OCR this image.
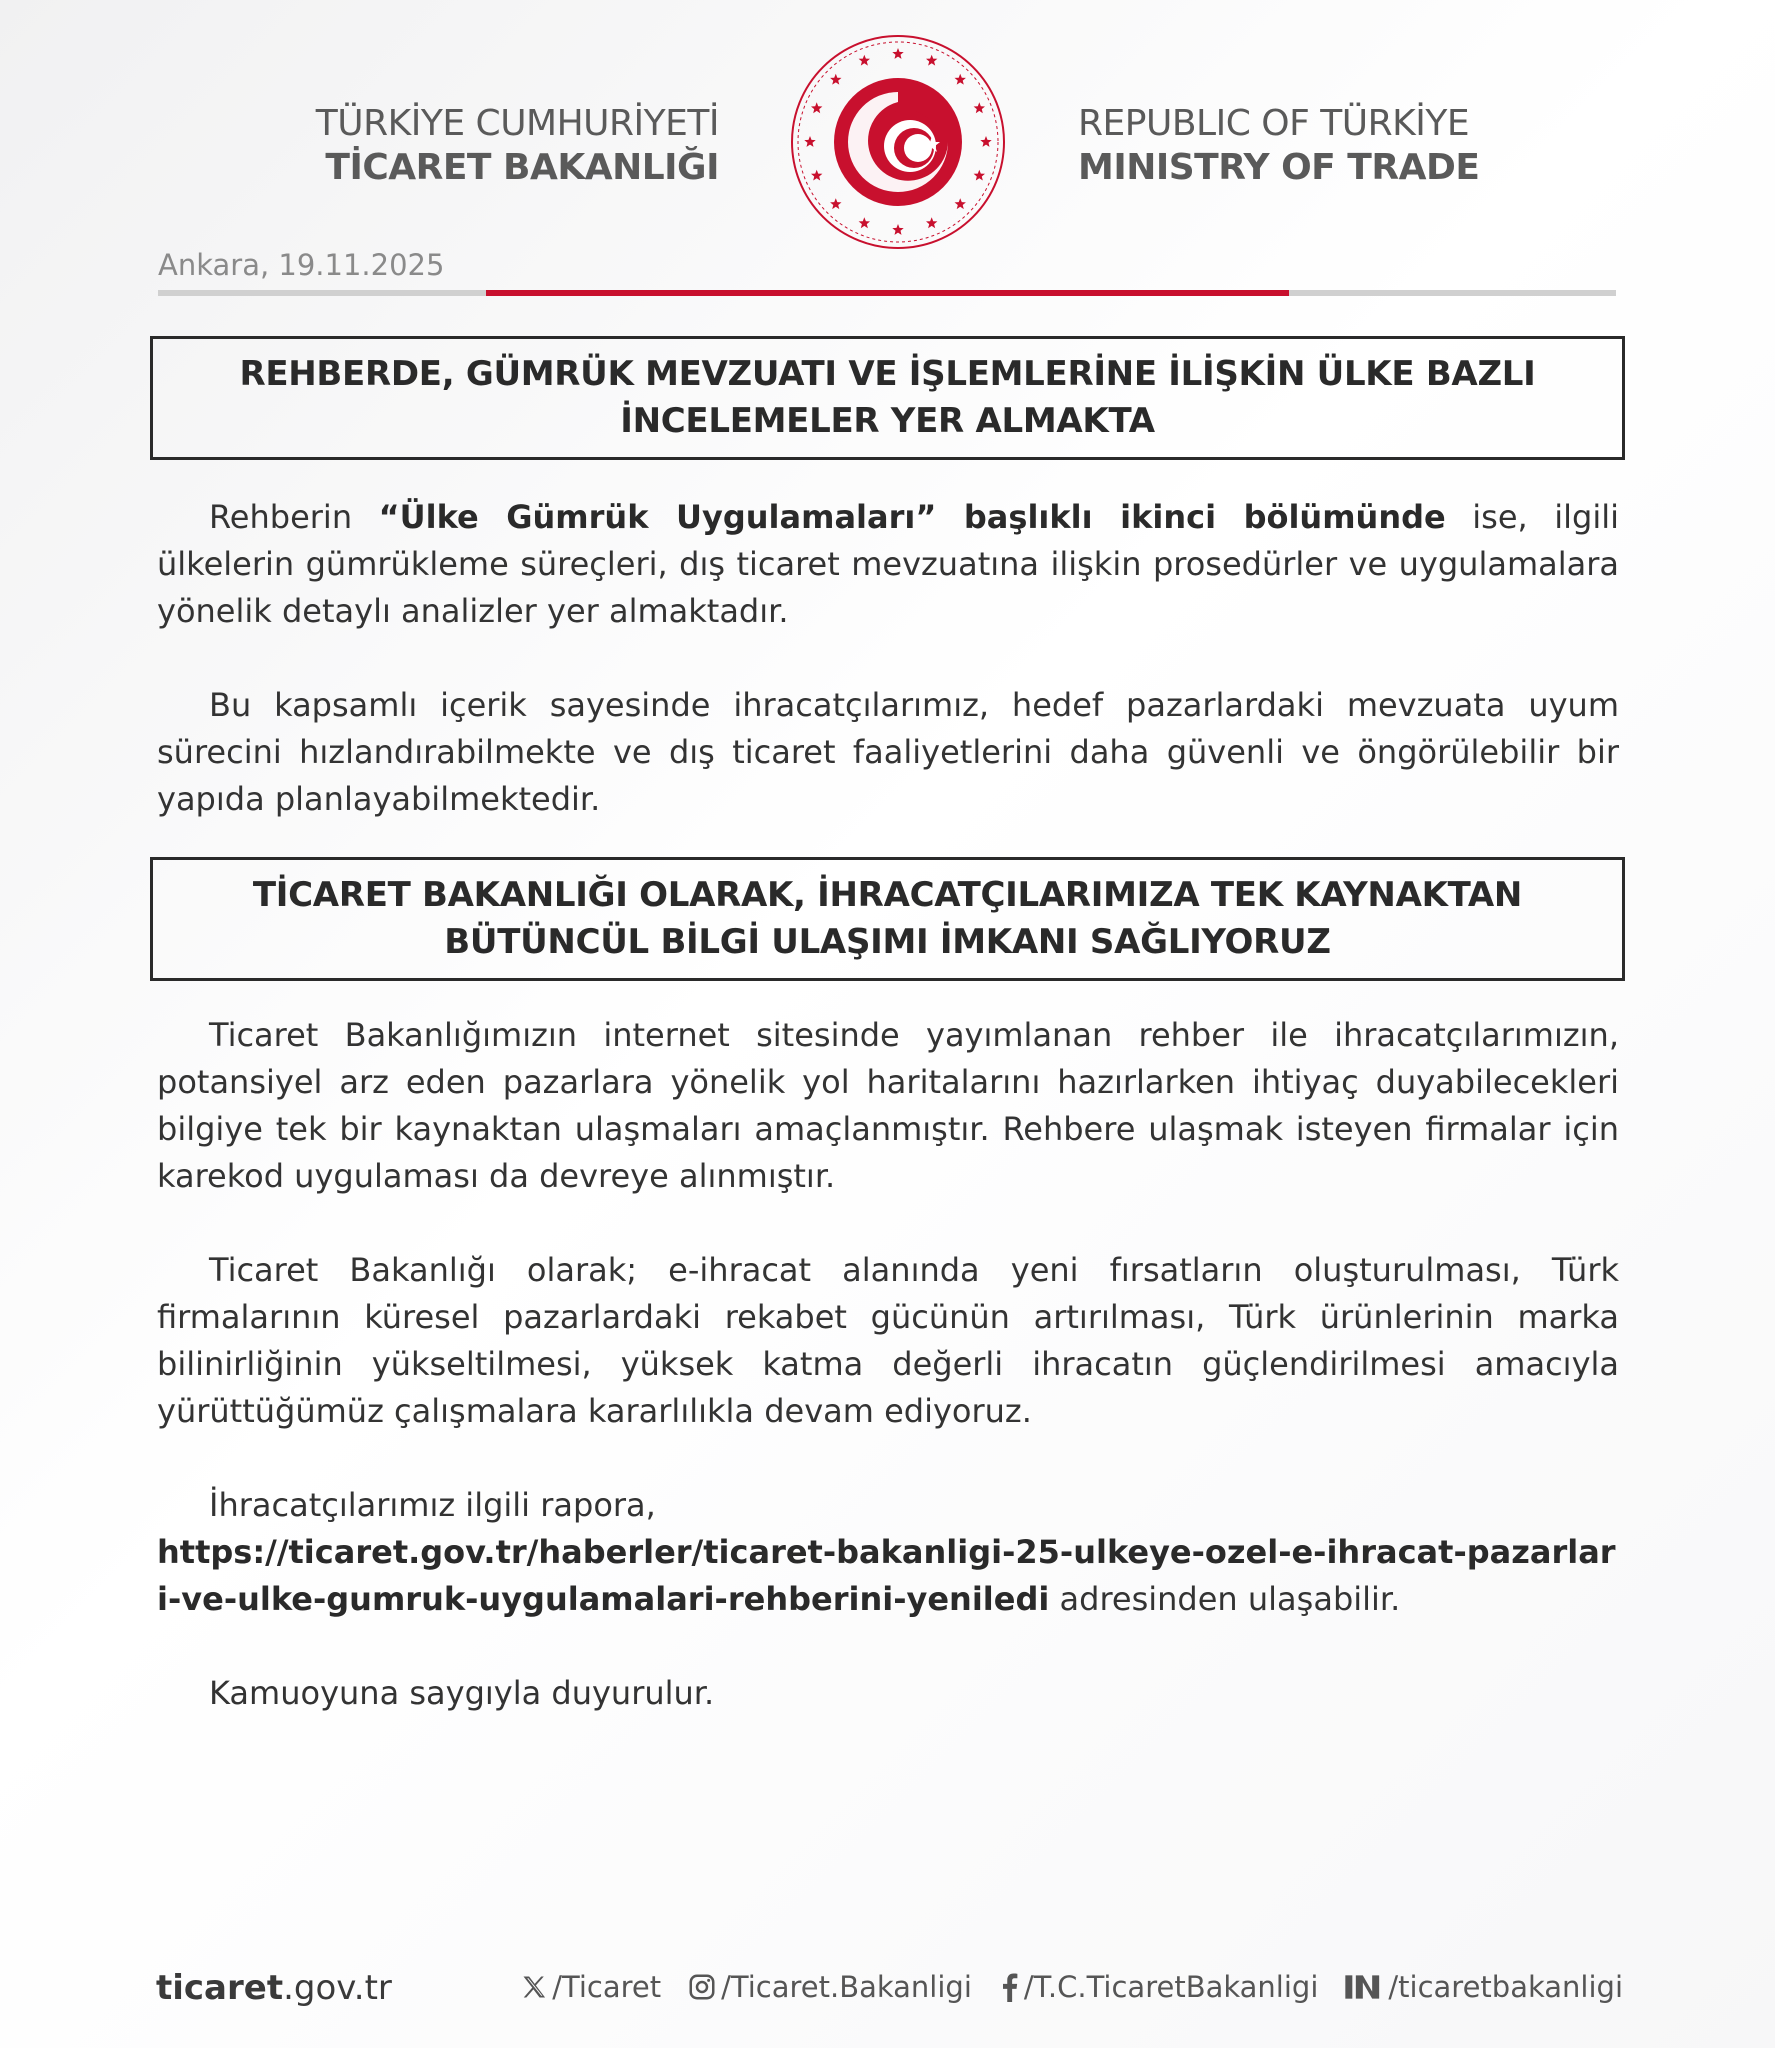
TÜRKİYE CUMHURİYETİ
TİCARET BAKANLIĞI
REPUBLIC OF TÜRKİYE
MINISTRY OF TRADE
Ankara, 19.11.2025
REHBERDE, GÜMRÜK MEVZUATI VE İŞLEMLERİNE İLİŞKİN ÜLKE BAZLI
İNCELEMELER YER ALMAKTA

Rehberin “Ülke Gümrük Uygulamaları” başlıklı ikinci bölümünde ise, ilgili ülkelerin gümrükleme süreçleri, dış ticaret mevzuatına ilişkin prosedürler ve uygulamalara yönelik detaylı analizler yer almaktadır.

Bu kapsamlı içerik sayesinde ihracatçılarımız, hedef pazarlardaki mevzuata uyum sürecini hızlandırabilmekte ve dış ticaret faaliyetlerini daha güvenli ve öngörülebilir bir yapıda planlayabilmektedir.

TİCARET BAKANLIĞI OLARAK, İHRACATÇILARIMIZA TEK KAYNAKTAN
BÜTÜNCÜL BİLGİ ULAŞIMI İMKANI SAĞLIYORUZ

Ticaret Bakanlığımızın internet sitesinde yayımlanan rehber ile ihracatçılarımızın, potansiyel arz eden pazarlara yönelik yol haritalarını hazırlarken ihtiyaç duyabilecekleri bilgiye tek bir kaynaktan ulaşmaları amaçlanmıştır. Rehbere ulaşmak isteyen firmalar için karekod uygulaması da devreye alınmıştır.

Ticaret Bakanlığı olarak; e-ihracat alanında yeni fırsatların oluşturulması, Türk firmalarının küresel pazarlardaki rekabet gücünün artırılması, Türk ürünlerinin marka bilinirliğinin yükseltilmesi, yüksek katma değerli ihracatın güçlendirilmesi amacıyla yürüttüğümüz çalışmalara kararlılıkla devam ediyoruz.

İhracatçılarımız ilgili rapora,
https://ticaret.gov.tr/haberler/ticaret-bakanligi-25-ulkeye-ozel-e-ihracat-pazarlari-ve-ulke-gumruk-uygulamalari-rehberini-yeniledi adresinden ulaşabilir.

Kamuoyuna saygıyla duyurulur.

ticaret.gov.tr	/Ticaret /Ticaret.Bakanligi /T.C.TicaretBakanligi /ticaretbakanligi
